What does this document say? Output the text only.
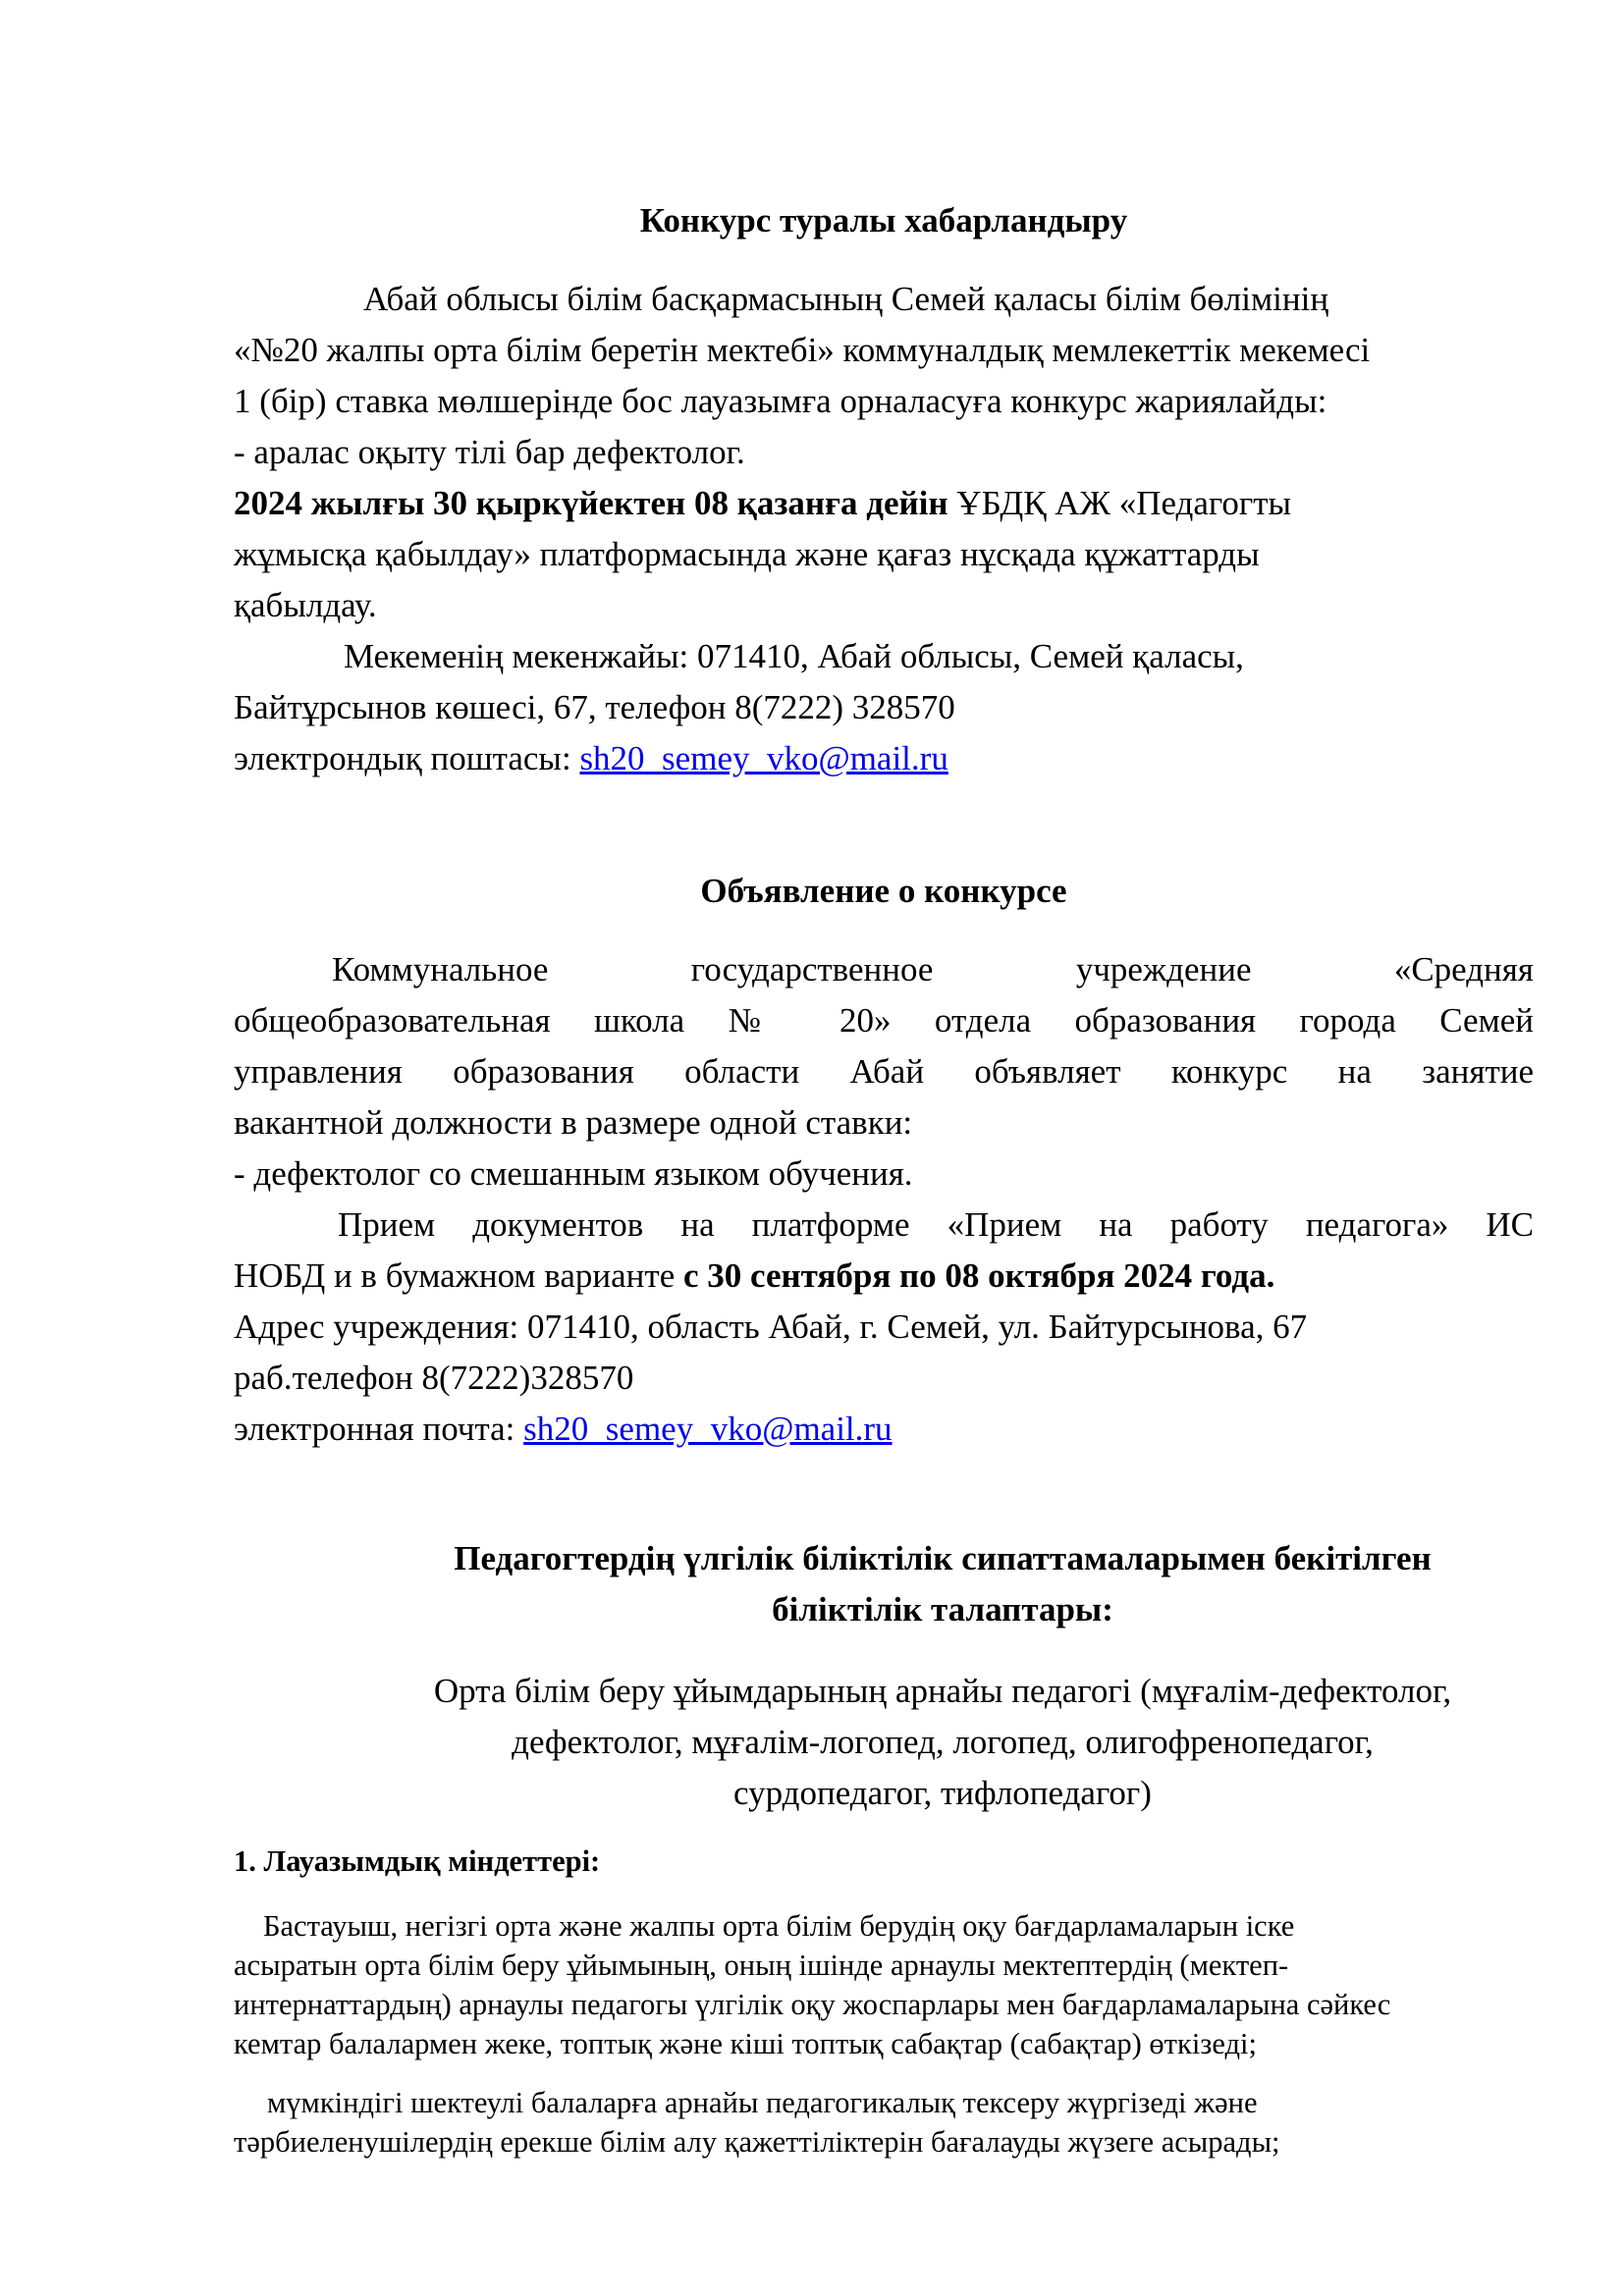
Конкурс туралы хабарландыру

Абай облысы білім басқармасының Семей қаласы білім бөлімінің

«№20 жалпы орта білім беретін мектебі» коммуналдық мемлекеттік мекемесі

1 (бір) ставка мөлшерінде бос лауазымға орналасуға конкурс жариялайды:

- аралас оқыту тілі бар дефектолог.

2024 жылғы 30 қыркүйектен 08 қазанға дейін ҰБДҚ АЖ «Педагогты

жұмысқа қабылдау» платформасында және қағаз нұсқада құжаттарды

қабылдау.

Мекеменің мекенжайы: 071410, Абай облысы, Семей қаласы,

Байтұрсынов көшесі, 67, телефон 8(7222) 328570

электрондық поштасы: sh20_semey_vko@mail.ru

Объявление о конкурсе

Коммунальное государственное учреждение «Средняя

общеобразовательная школа № 20» отдела образования города Семей

управления образования области Абай объявляет конкурс на занятие

вакантной должности в размере одной ставки:

- дефектолог со смешанным языком обучения.

Прием документов на платформе «Прием на работу педагога» ИС

НОБД и в бумажном варианте с 30 сентября по 08 октября 2024 года.

Адрес учреждения: 071410, область Абай, г. Семей, ул. Байтурсынова, 67

раб.телефон 8(7222)328570

электронная почта: sh20_semey_vko@mail.ru

Педагогтердің үлгілік біліктілік сипаттамаларымен бекітілген

біліктілік талаптары:

Орта білім беру ұйымдарының арнайы педагогі (мұғалім-дефектолог,

дефектолог, мұғалім-логопед, логопед, олигофренопедагог,

сурдопедагог, тифлопедагог)

1. Лауазымдық міндеттері:

Бастауыш, негізгі орта және жалпы орта білім берудің оқу бағдарламаларын іске

асыратын орта білім беру ұйымының, оның ішінде арнаулы мектептердің (мектеп-

интернаттардың) арнаулы педагогы үлгілік оқу жоспарлары мен бағдарламаларына сәйкес

кемтар балалармен жеке, топтық және кіші топтық сабақтар (сабақтар) өткізеді;

мүмкіндігі шектеулі балаларға арнайы педагогикалық тексеру жүргізеді және

тәрбиеленушілердің ерекше білім алу қажеттіліктерін бағалауды жүзеге асырады;
